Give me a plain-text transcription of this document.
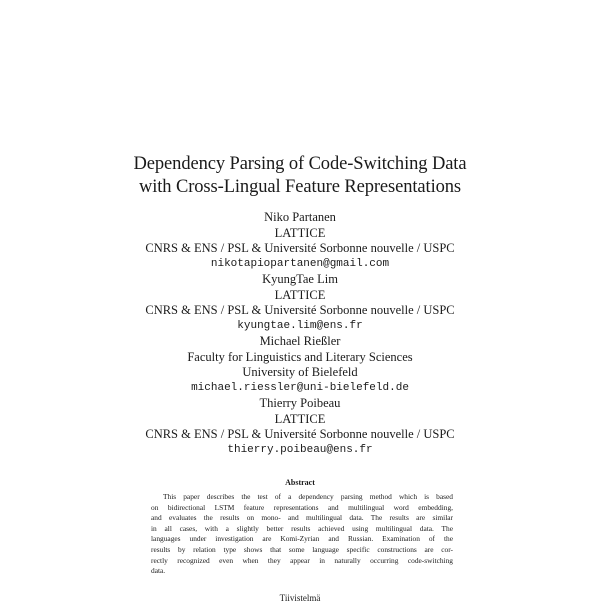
Dependency Parsing of Code-Switching Data
with Cross-Lingual Feature Representations
Niko Partanen
LATTICE
CNRS & ENS / PSL & Université Sorbonne nouvelle / USPC
nikotapiopartanen@gmail.com
KyungTae Lim
LATTICE
CNRS & ENS / PSL & Université Sorbonne nouvelle / USPC
kyungtae.lim@ens.fr
Michael Rießler
Faculty for Linguistics and Literary Sciences
University of Bielefeld
michael.riessler@uni-bielefeld.de
Thierry Poibeau
LATTICE
CNRS & ENS / PSL & Université Sorbonne nouvelle / USPC
thierry.poibeau@ens.fr
Abstract
This paper describes the test of a dependency parsing method which is based
on bidirectional LSTM feature representations and multilingual word embedding,
and evaluates the results on mono- and multilingual data. The results are similar
in all cases, with a slightly better results achieved using multilingual data. The
languages under investigation are Komi-Zyrian and Russian. Examination of the
results by relation type shows that some language specific constructions are cor-
rectly recognized even when they appear in naturally occurring code-switching
data.
Tiivistelmä
